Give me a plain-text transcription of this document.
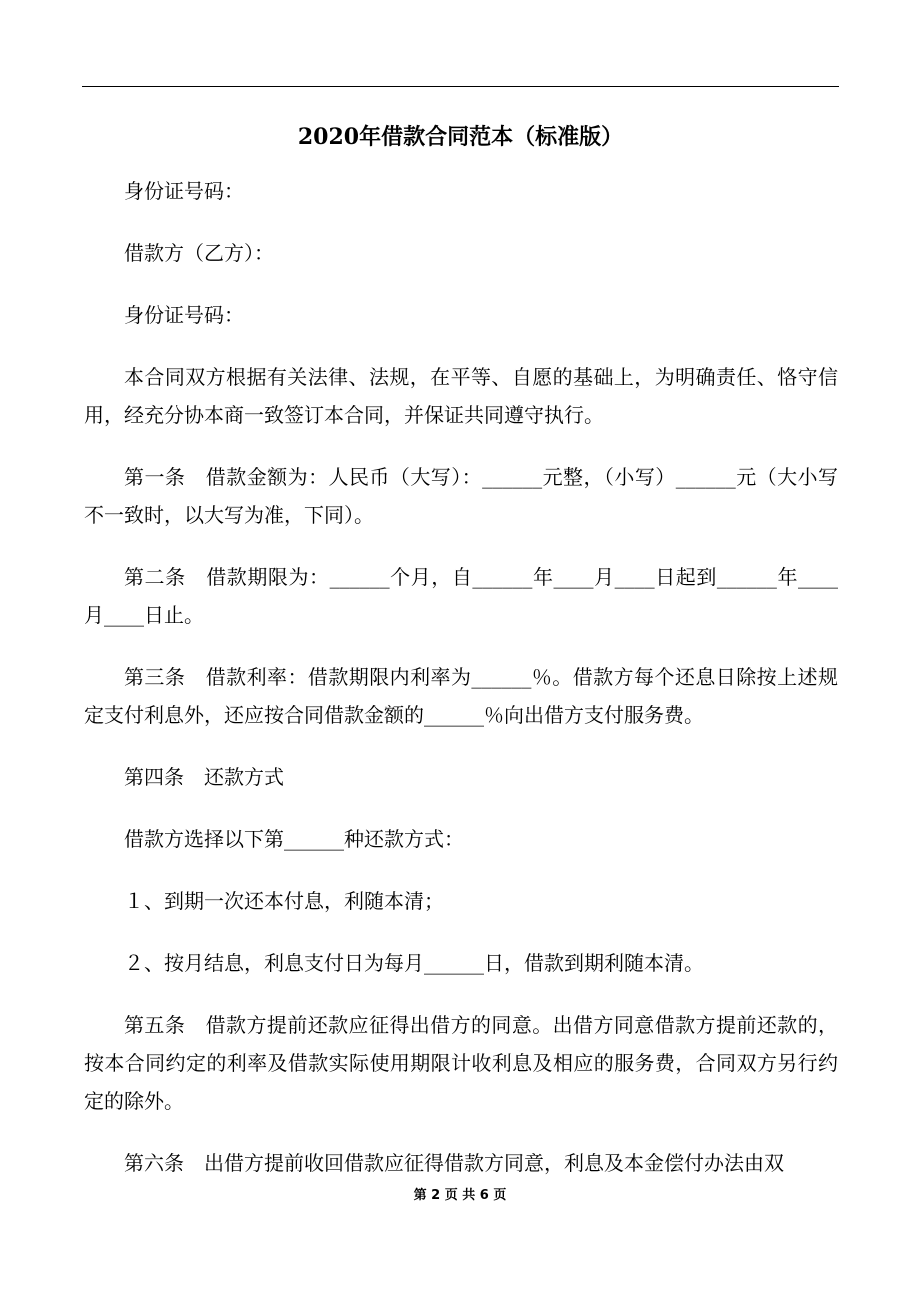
2020年借款合同范本（标准版）

身份证号码：

借款方（乙方）：

身份证号码：

本合同双方根据有关法律、法规，在平等、自愿的基础上，为明确责任、恪守信用，经充分协本商一致签订本合同，并保证共同遵守执行。

第一条　借款金额为：人民币（大写）：______元整，（小写）______元（大小写不一致时，以大写为准，下同）。

第二条　借款期限为：______个月，自______年____月____日起到______年____月____日止。

第三条　借款利率：借款期限内利率为______％。借款方每个还息日除按上述规定支付利息外，还应按合同借款金额的______％向出借方支付服务费。

第四条　还款方式

借款方选择以下第______种还款方式：

１、到期一次还本付息，利随本清；

２、按月结息，利息支付日为每月______日，借款到期利随本清。

第五条　借款方提前还款应征得出借方的同意。出借方同意借款方提前还款的，按本合同约定的利率及借款实际使用期限计收利息及相应的服务费，合同双方另行约定的除外。

第六条　出借方提前收回借款应征得借款方同意，利息及本金偿付办法由双

第 2 页 共 6 页
